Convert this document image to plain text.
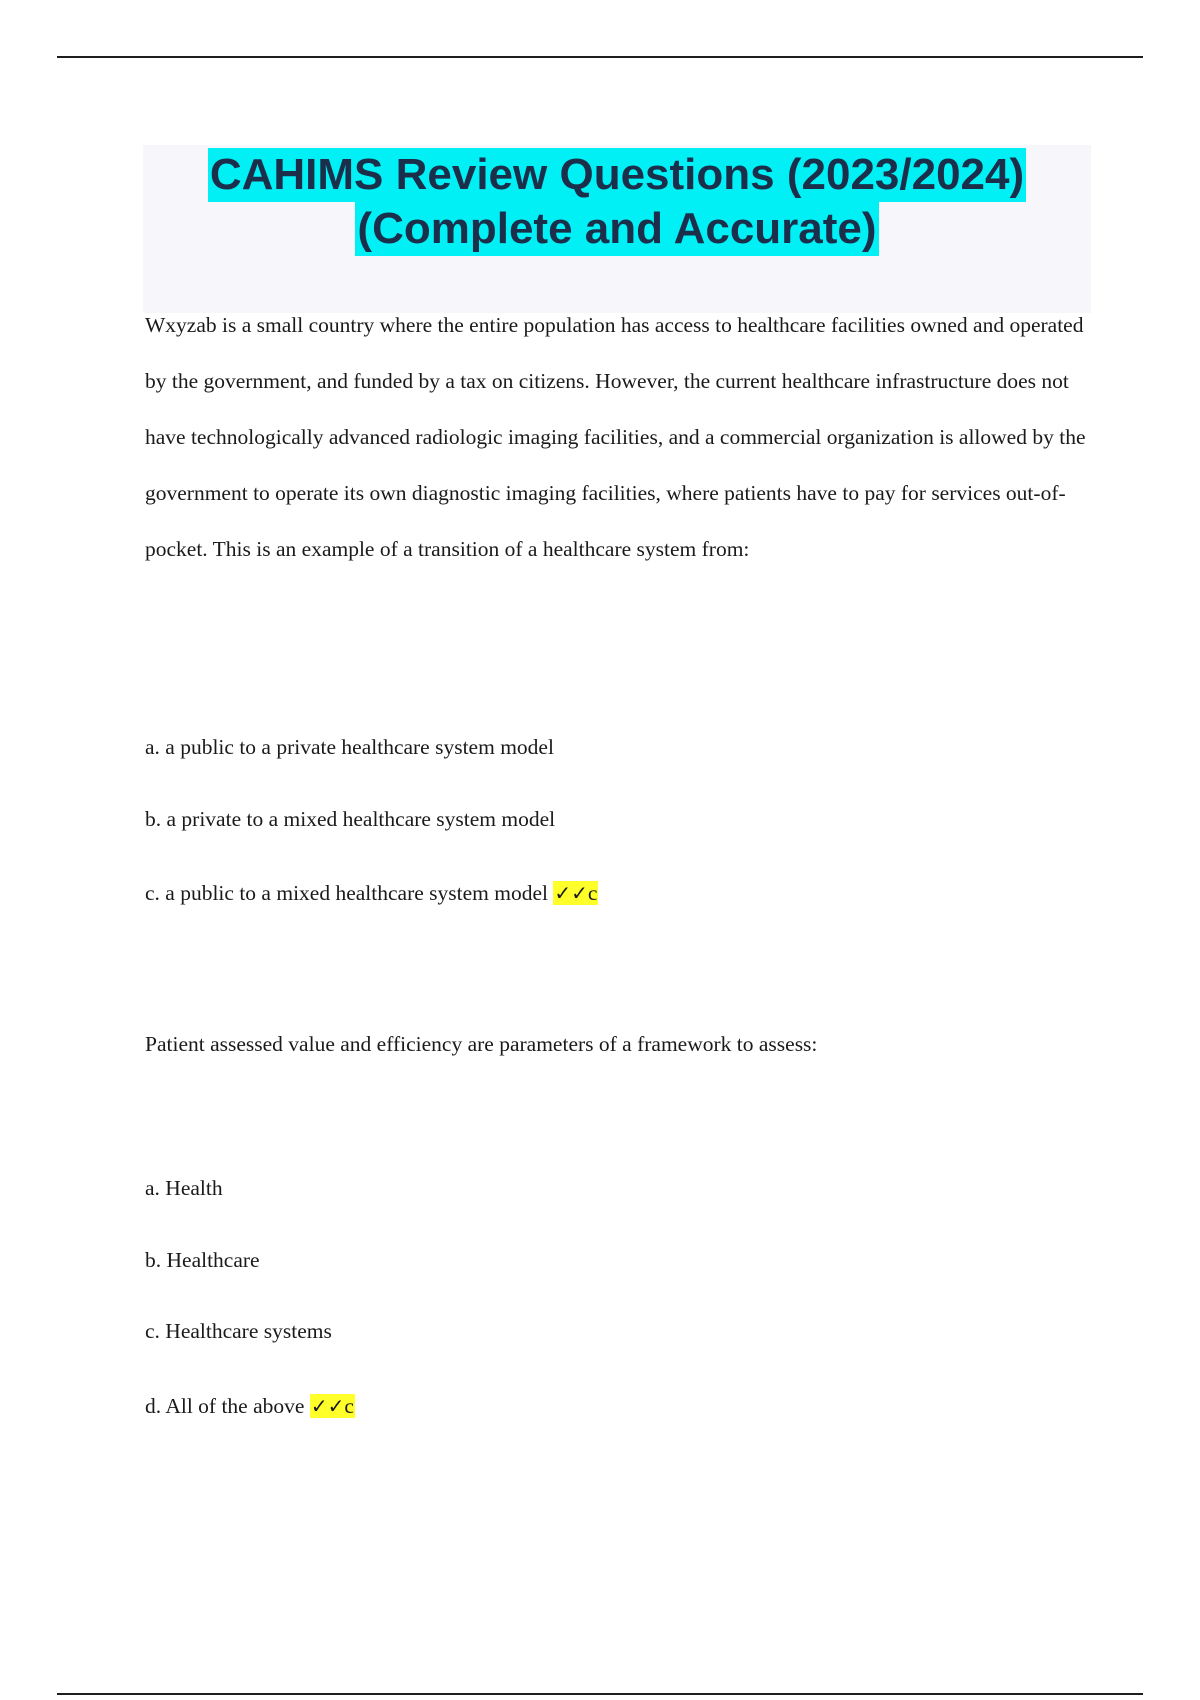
CAHIMS Review Questions (2023/2024)
(Complete and Accurate)

Wxyzab is a small country where the entire population has access to healthcare facilities owned and operated by the government, and funded by a tax on citizens. However, the current healthcare infrastructure does not have technologically advanced radiologic imaging facilities, and a commercial organization is allowed by the government to operate its own diagnostic imaging facilities, where patients have to pay for services out-of-pocket. This is an example of a transition of a healthcare system from:

a. a public to a private healthcare system model
b. a private to a mixed healthcare system model
c. a public to a mixed healthcare system model ✓✓c

Patient assessed value and efficiency are parameters of a framework to assess:

a. Health
b. Healthcare
c. Healthcare systems
d. All of the above ✓✓c
